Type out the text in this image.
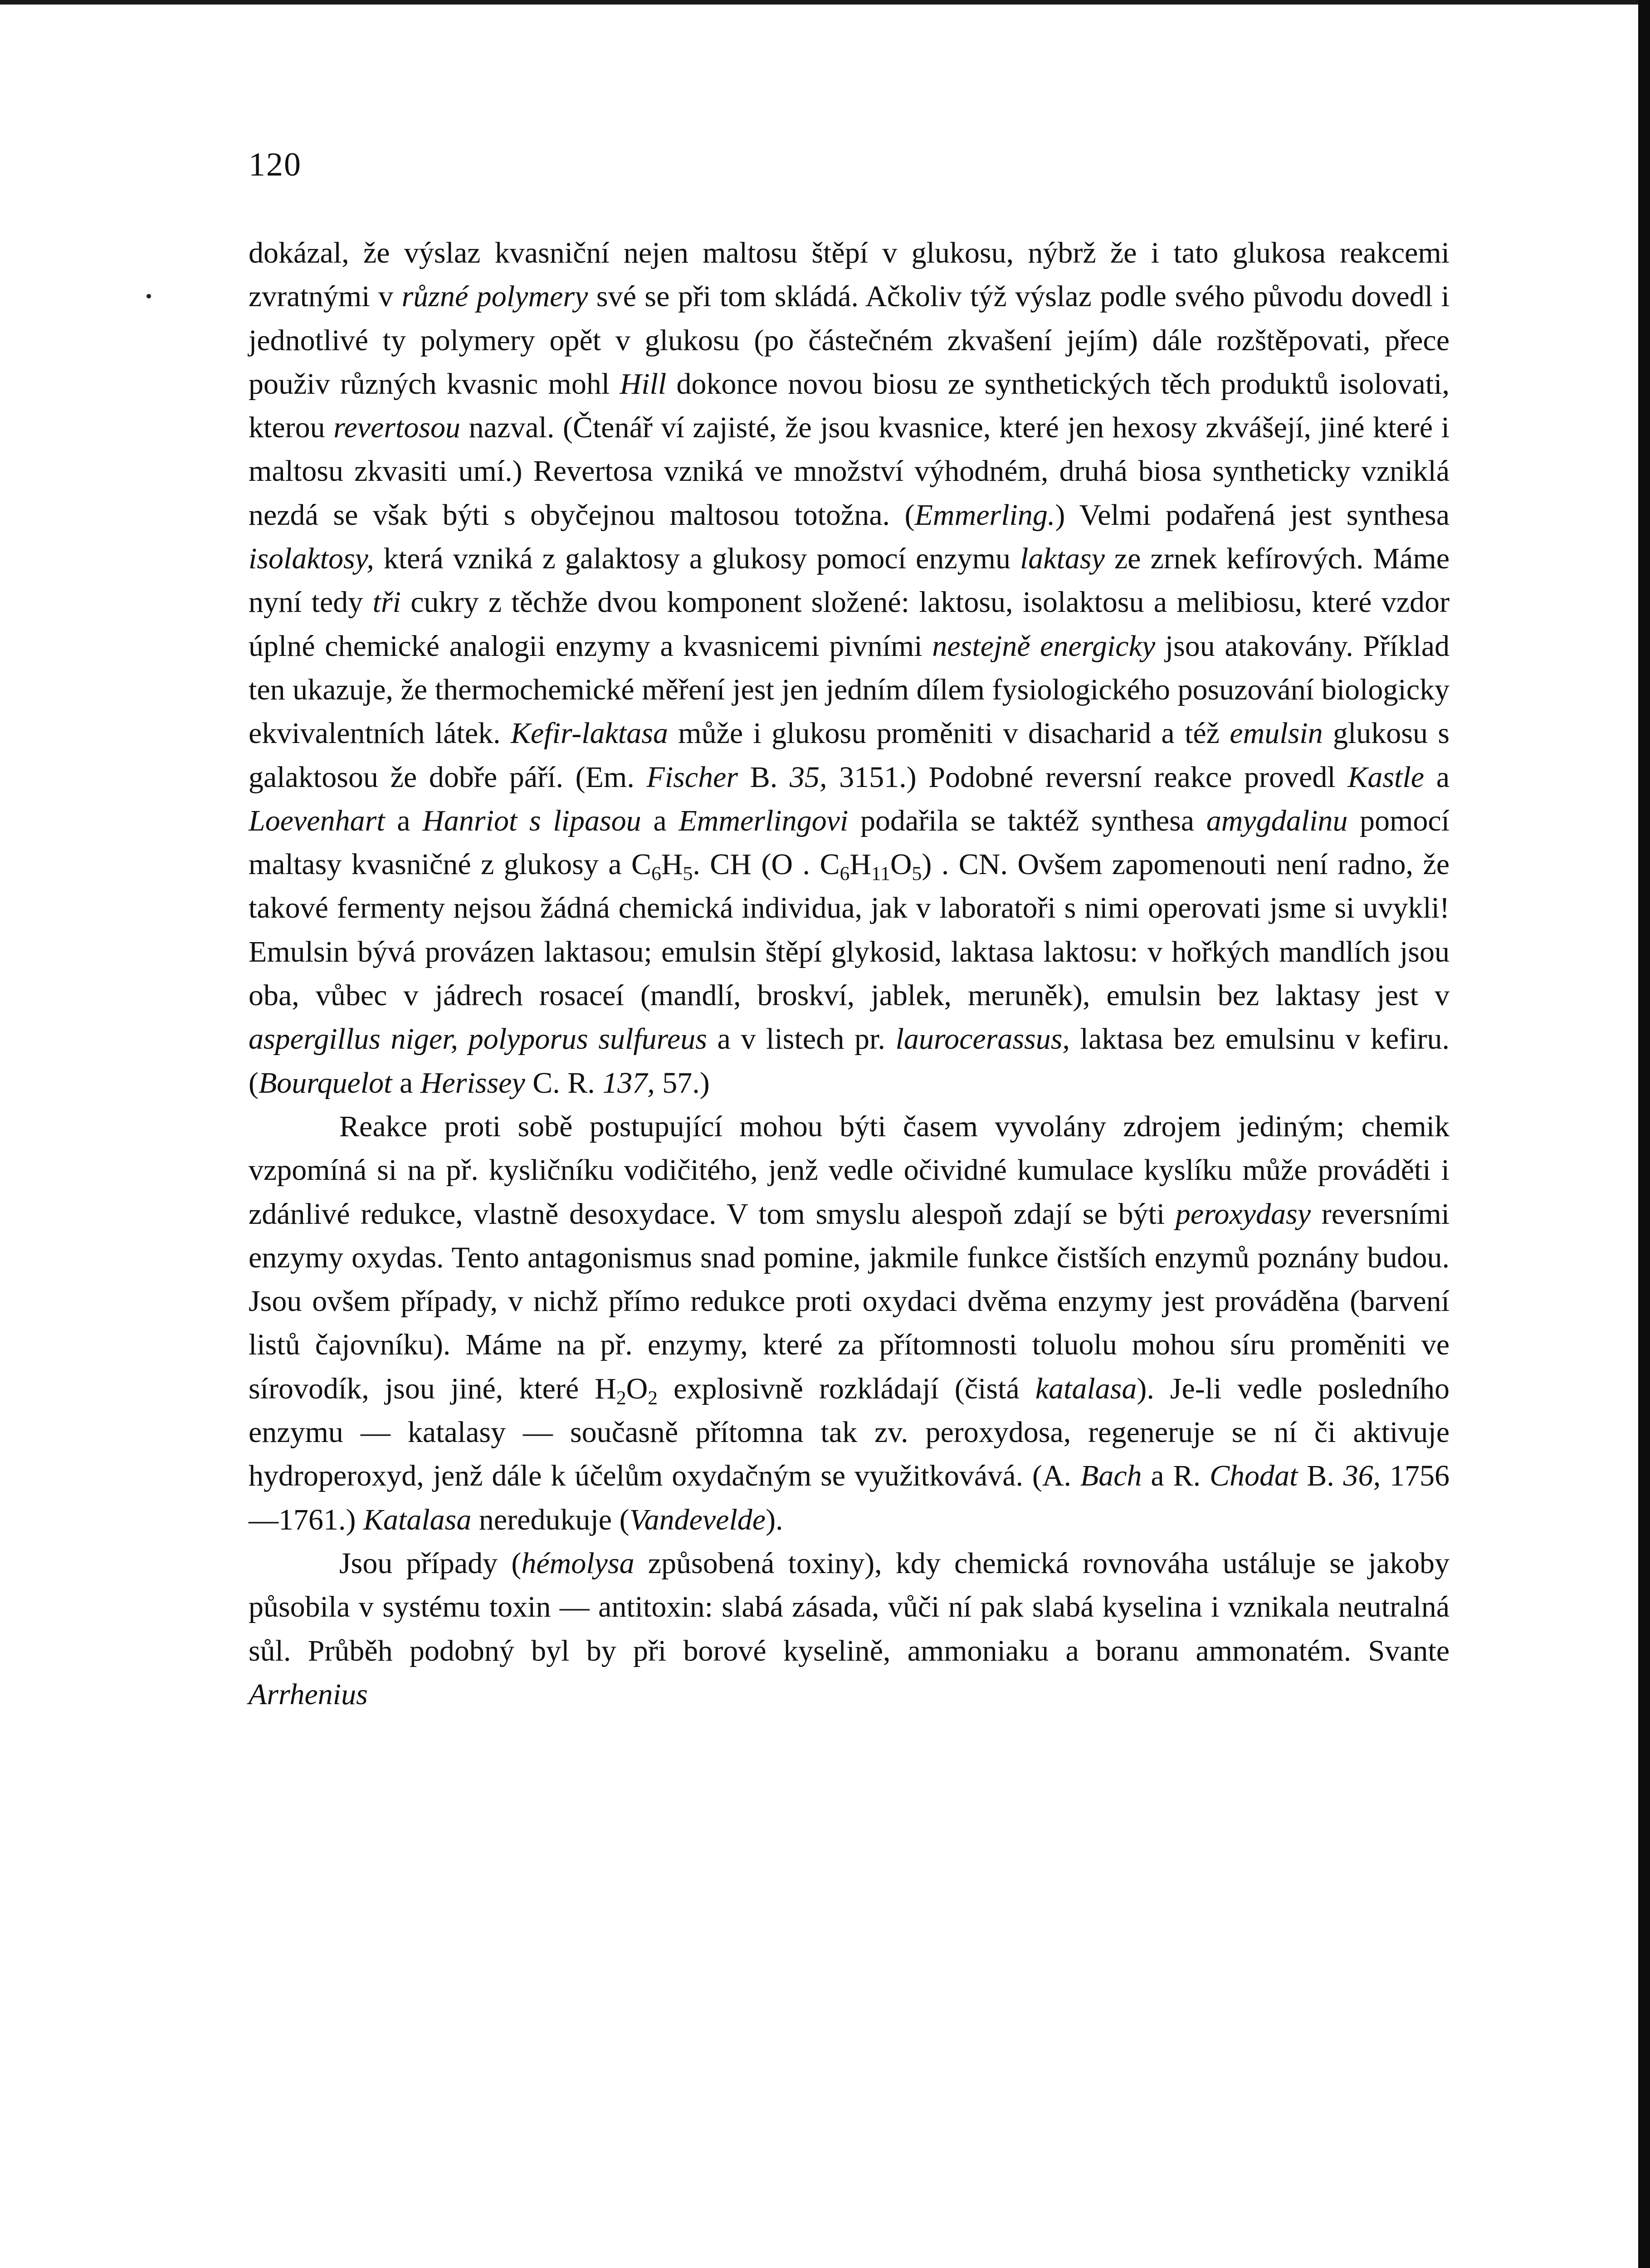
120

dokázal, že výslaz kvasniční nejen maltosu štěpí v glukosu, nýbrž že i tato glukosa reakcemi zvratnými v různé polymery své se při tom skládá. Ačkoliv týž výslaz podle svého původu dovedl i jednotlivé ty polymery opět v glukosu (po částečném zkvašení jejím) dále rozštěpovati, přece použiv různých kvasnic mohl Hill dokonce novou biosu ze synthetických těch produktů isolovati, kterou revertosou nazval. (Čtenář ví zajisté, že jsou kvasnice, které jen hexosy zkvášejí, jiné které i maltosu zkvasiti umí.) Revertosa vzniká ve množství výhodném, druhá biosa syntheticky vzniklá nezdá se však býti s obyčejnou maltosou totožna. (Emmerling.) Velmi podařená jest synthesa isolaktosy, která vzniká z galaktosy a glukosy pomocí enzymu laktasy ze zrnek kefírových. Máme nyní tedy tři cukry z těchže dvou komponent složené: laktosu, isolaktosu a melibiosu, které vzdor úplné chemické analogii enzymy a kvasnicemi pivními nestejně energicky jsou atakovány. Příklad ten ukazuje, že thermochemické měření jest jen jedním dílem fysiologického posuzování biologicky ekvivalentních látek. Kefir-laktasa může i glukosu proměniti v disacharid a též emulsin glukosu s galaktosou že dobře páří. (Em. Fischer B. 35, 3151.) Podobné reversní reakce provedl Kastle a Loevenhart a Hanriot s lipasou a Emmerlingovi podařila se taktéž synthesa amygdalinu pomocí maltasy kvasničné z glukosy a $C_6H_5$. CH (O . $C_6H_{11}O_5$) . CN. Ovšem zapomenouti není radno, že takové fermenty nejsou žádná chemická individua, jak v laboratoři s nimi operovati jsme si uvykli! Emulsin bývá provázen laktasou; emulsin štěpí glykosid, laktasa laktosu: v hořkých mandlích jsou oba, vůbec v jádrech rosaceí (mandlí, broskví, jablek, meruněk), emulsin bez laktasy jest v aspergillus niger, polyporus sulfureus a v listech pr. laurocerassus, laktasa bez emulsinu v kefiru. (Bourquelot a Herissey C. R. 137, 57.)

Reakce proti sobě postupující mohou býti časem vyvolány zdrojem jediným; chemik vzpomíná si na př. kysličníku vodičitého, jenž vedle očividné kumulace kyslíku může prováděti i zdánlivé redukce, vlastně desoxydace. V tom smyslu alespoň zdají se býti peroxydasy reversními enzymy oxydas. Tento antagonismus snad pomine, jakmile funkce čistších enzymů poznány budou. Jsou ovšem případy, v nichž přímo redukce proti oxydaci dvěma enzymy jest prováděna (barvení listů čajovníku). Máme na př. enzymy, které za přítomnosti toluolu mohou síru proměniti ve sírovodík, jsou jiné, které $H_2O_2$ explosivně rozkládají (čistá katalasa). Je-li vedle posledního enzymu — katalasy — současně přítomna tak zv. peroxydosa, regeneruje se ní či aktivuje hydroperoxyd, jenž dále k účelům oxydačným se využitkovává. (A. Bach a R. Chodat B. 36, 1756—1761.) Katalasa neredukuje (Vandevelde).

Jsou případy (hémolysa způsobená toxiny), kdy chemická rovnováha ustáluje se jakoby působila v systému toxin — antitoxin: slabá zásada, vůči ní pak slabá kyselina i vznikala neutralná sůl. Průběh podobný byl by při borové kyselině, ammoniaku a boranu ammonatém. Svante Arrhenius
